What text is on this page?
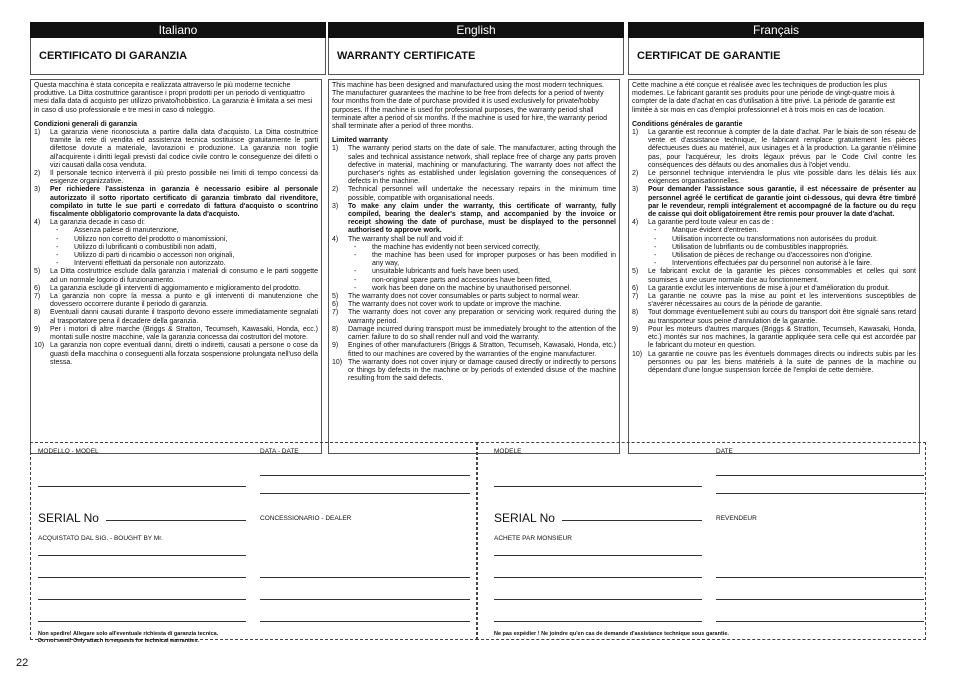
Italiano
CERTIFICATO DI GARANZIA
English
WARRANTY CERTIFICATE
Français
CERTIFICAT DE GARANTIE

Questa macchina è stata concepita e realizzata attraverso le più moderne tecniche produttive. La Ditta costruttrice garantisce i propri prodotti per un periodo di ventiquattro mesi dalla data di acquisto per utilizzo privato/hobbistico. La garanzia è limitata a sei mesi in caso di uso professionale e tre mesi in caso di noleggio.

Condizioni generali di garanzia

1)	La garanzia viene riconosciuta a partire dalla data d'acquisto. La Ditta costruttrice tramite la rete di vendita ed assistenza tecnica sostituisce gratuitamente le parti difettose dovute a materiale, lavorazioni e produzione. La garanzia non toglie all'acquirente i diritti legali previsti dal codice civile contro le conseguenze dei difetti o vizi causati dalla cosa venduta.
2)	Il personale tecnico interverrà il più presto possibile nei limiti di tempo concessi da esigenze organizzative.
3)	Per richiedere l'assistenza in garanzia è necessario esibire al personale autorizzato il sotto riportato certificato di garanzia timbrato dal rivenditore, compilato in tutte le sue parti e corredato di fattura d'acquisto o scontrino fiscalmente obbligatorio comprovante la data d'acquisto.
4)	La garanzia decade in caso di:
-	Assenza palese di manutenzione,
-	Utilizzo non corretto del prodotto o manomissioni,
-	Utilizzo di lubrificanti o combustibili non adatti,
-	Utilizzo di parti di ricambio o accessori non originali,
-	Interventi effettuati da personale non autorizzato.
5)	La Ditta costruttrice esclude dalla garanzia i materiali di consumo e le parti soggette ad un normale logorio di funzionamento.
6)	La garanzia esclude gli interventi di aggiornamento e miglioramento del prodotto.
7)	La garanzia non copre la messa a punto e gli interventi di manutenzione che dovessero occorrere durante il periodo di garanzia.
8)	Eventuali danni causati durante il trasporto devono essere immediatamente segnalati al trasportatore pena il decadere della garanzia.
9)	Per i motori di altre marche (Briggs & Stratton, Tecumseh, Kawasaki, Honda, ecc.) montati sulle nostre macchine, vale la garanzia concessa dai costruttori del motore.
10) La garanzia non copre eventuali danni, diretti o indiretti, causati a persone o cose da guasti della macchina o conseguenti alla forzata sospensione prolungata nell'uso della stessa.

This machine has been designed and manufactured using the most modern techniques. The manufacturer guarantees the machine to be free from defects for a period of twenty four months from the date of purchase provided it is used exclusively for private/hobby purposes. If the machine is used for professional purposes, the warranty period shall terminate after a period of six months. If the machine is used for hire, the warranty period shall terminate after a period of three months.

Limited warranty

1)	The warranty period starts on the date of sale. The manufacturer, acting through the sales and technical assistance network, shall replace free of charge any parts proven defective in material, machining or manufacturing. The warranty does not affect the purchaser's rights as established under legislation governing the consequences of defects in the machine.
2)	Technical personnel will undertake the necessary repairs in the minimum time possible, compatible with organisational needs.
3)	To make any claim under the warranty, this certificate of warranty, fully compiled, bearing the dealer's stamp, and accompanied by the invoice or receipt showing the date of purchase, must be displayed to the personnel authorised to approve work.
4)	The warranty shall be null and void if:
-	the machine has evidently not been serviced correctly,
-	the machine has been used for improper purposes or has been modified in any way,
-	unsuitable lubricants and fuels have been used,
-	non-original spare parts and accessories have been fitted,
-	work has been done on the machine by unauthorised personnel.
5)	The warranty does not cover consumables or parts subject to normal wear.
6)	The warranty does not cover work to update or improve the machine.
7)	The warranty does not cover any preparation or servicing work required during the warranty period.
8)	Damage incurred during transport must be immediately brought to the attention of the carrier: failure to do so shall render null and void the warranty.
9)	Engines of other manufacturers (Briggs & Stratton, Tecumseh, Kawasaki, Honda, etc.) fitted to our machines are covered by the warranties of the engine manufacturer.
10) The warranty does not cover injury or damage caused directly or indirectly to persons or things by defects in the machine or by periods of extended disuse of the machine resulting from the said defects.

Cette machine a été conçue et réalisée avec les techniques de production les plus modernes. Le fabricant garantit ses produits pour une période de vingt-quatre mois à compter de la date d'achat en cas d'utilisation à titre privé. La période de garantie est limitée à six mois en cas d'emploi professionnel et à trois mois en cas de location.

Conditions générales de garantie

1)	La garantie est reconnue à compter de la date d'achat. Par le biais de son réseau de vente et d'assistance technique, le fabricant remplace gratuitement les pièces défectueuses dues au matériel, aux usinages et à la production. La garantie n'élimine pas, pour l'acquéreur, les droits légaux prévus par le Code Civil contre les conséquences des défauts ou des anomalies dus à l'objet vendu.
2)	Le personnel technique interviendra le plus vite possible dans les délais liés aux exigences organisationnelles.
3)	Pour demander l'assistance sous garantie, il est nécessaire de présenter au personnel agréé le certificat de garantie joint ci-dessous, qui devra être timbré par le revendeur, rempli intégralement et accompagné de la facture ou du reçu de caisse qui doit obligatoirement être remis pour prouver la date d'achat.
4)	La garantie perd toute valeur en cas de :
-	Manque évident d'entretien.
-	Utilisation incorrecte ou transformations non autorisées du produit.
-	Utilisation de lubrifiants ou de combustibles inappropriés.
-	Utilisation de pièces de rechange ou d'accessoires non d'origine.
-	Interventions effectuées par du personnel non autorisé à le faire.
5)	Le fabricant exclut de la garantie les pièces consommables et celles qui sont soumises à une usure normale due au fonctionnement.
6)	La garantie exclut les interventions de mise à jour et d'amélioration du produit.
7)	La garantie ne couvre pas la mise au point et les interventions susceptibles de s'avérer nécessaires au cours de la période de garantie.
8)	Tout dommage éventuellement subi au cours du transport doit être signalé sans retard au transporteur sous peine d'annulation de la garantie.
9)	Pour les moteurs d'autres marques (Briggs & Stratton, Tecumseh, Kawasaki, Honda, etc.) montés sur nos machines, la garantie appliquée sera celle qui est accordée par le fabricant du moteur en question.
10) La garantie ne couvre pas les éventuels dommages directs ou indirects subis par les personnes ou par les biens matériels à la suite de pannes de la machine ou dépendant d'une longue suspension forcée de l'emploi de cette dernière.
MODELLO - MODEL	DATA - DATE
SERIAL No	CONCESSIONARIO - DEALER
ACQUISTATO DAL SIG. - BOUGHT BY Mr.
Non spedire! Allegare solo all'eventuale richiesta di garanzia tecnica.
Do not send! Only attach to requests for technical warranties.
MODELE	DATE
SERIAL No	REVENDEUR
ACHETE PAR MONSIEUR
Ne pas expédier ! Ne joindre qu'en cas de demande d'assistance technique sous garantie.
22
